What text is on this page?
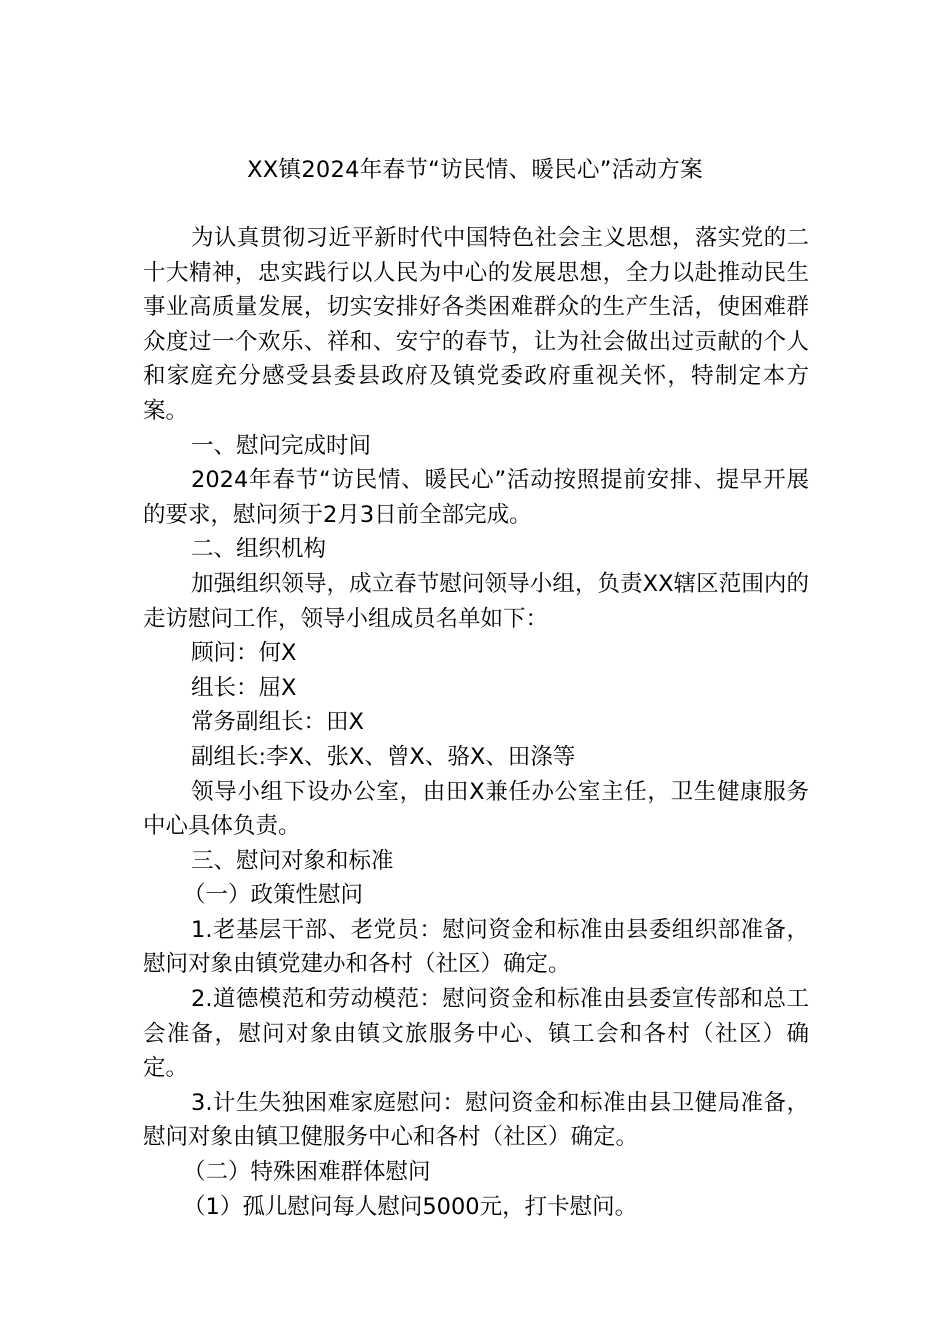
XX镇2024年春节“访民情、暖民心”活动方案

为认真贯彻习近平新时代中国特色社会主义思想，落实党的二十大精神，忠实践行以人民为中心的发展思想，全力以赴推动民生事业高质量发展，切实安排好各类困难群众的生产生活，使困难群众度过一个欢乐、祥和、安宁的春节，让为社会做出过贡献的个人和家庭充分感受县委县政府及镇党委政府重视关怀，特制定本方案。

一、慰问完成时间

2024年春节“访民情、暖民心”活动按照提前安排、提早开展的要求，慰问须于2月3日前全部完成。

二、组织机构

加强组织领导，成立春节慰问领导小组，负责XX辖区范围内的走访慰问工作，领导小组成员名单如下：

顾问：何X

组长：屈X

常务副组长：田X

副组长:李X、张X、曾X、骆X、田涤等

领导小组下设办公室，由田X兼任办公室主任，卫生健康服务中心具体负责。

三、慰问对象和标准

（一）政策性慰问

1.老基层干部、老党员：慰问资金和标准由县委组织部准备，慰问对象由镇党建办和各村（社区）确定。

2.道德模范和劳动模范：慰问资金和标准由县委宣传部和总工会准备，慰问对象由镇文旅服务中心、镇工会和各村（社区）确定。

3.计生失独困难家庭慰问：慰问资金和标准由县卫健局准备，慰问对象由镇卫健服务中心和各村（社区）确定。

（二）特殊困难群体慰问

（1）孤儿慰问每人慰问5000元，打卡慰问。
